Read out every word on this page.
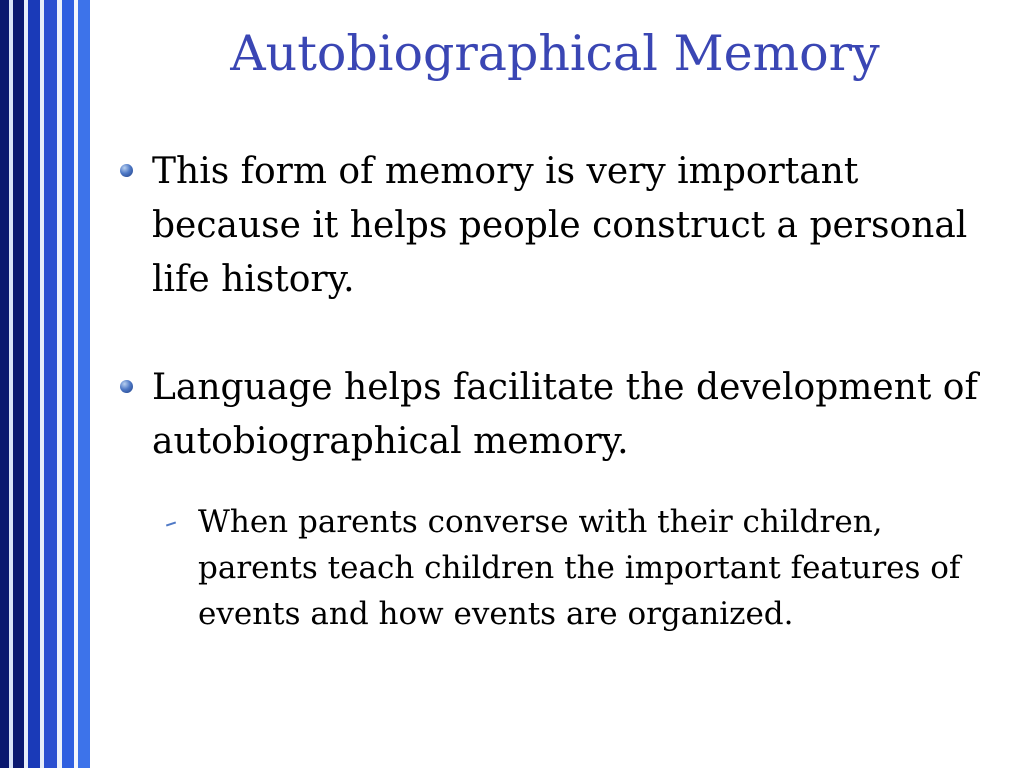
Autobiographical Memory
This form of memory is very important because it helps people construct a personal life history.
Language helps facilitate the development of autobiographical memory.
When parents converse with their children, parents teach children the important features of events and how events are organized.
